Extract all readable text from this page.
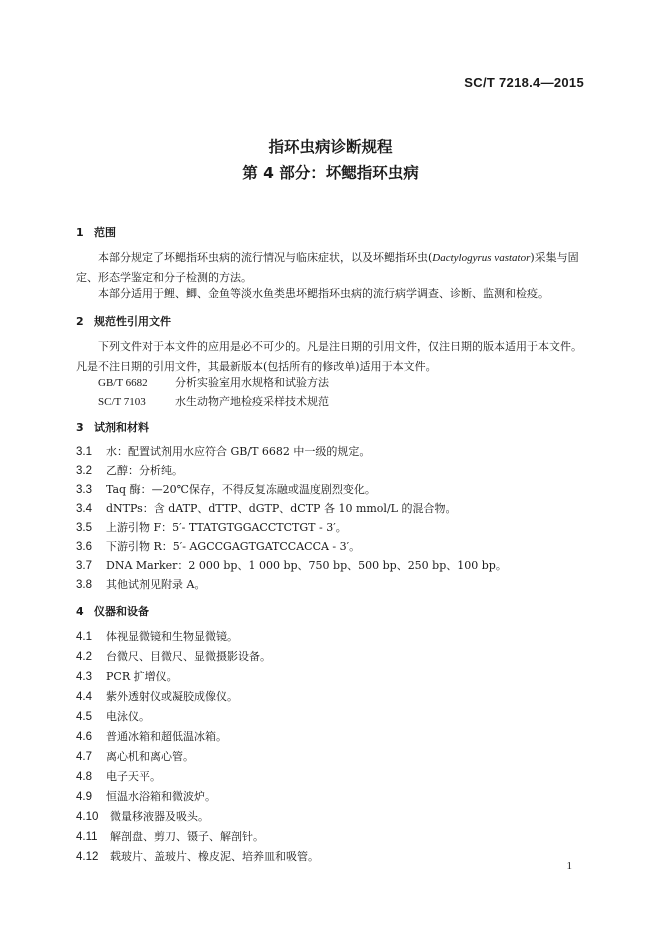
SC/T 7218.4—2015
指环虫病诊断规程
第 4 部分：坏鳃指环虫病
1 范围
本部分规定了坏鳃指环虫病的流行情况与临床症状，以及坏鳃指环虫(Dactylogyrus vastator)采集与固定、形态学鉴定和分子检测的方法。
本部分适用于鲤、鲫、金鱼等淡水鱼类患坏鳃指环虫病的流行病学调查、诊断、监测和检疫。
2 规范性引用文件
下列文件对于本文件的应用是必不可少的。凡是注日期的引用文件，仅注日期的版本适用于本文件。凡是不注日期的引用文件，其最新版本(包括所有的修改单)适用于本文件。
GB/T 6682 分析实验室用水规格和试验方法
SC/T 7103	水生动物产地检疫采样技术规范
3 试剂和材料
3.1 水：配置试剂用水应符合 GB/T 6682 中一级的规定。
3.2 乙醇：分析纯。
3.3 Taq 酶：—20℃保存，不得反复冻融或温度剧烈变化。
3.4 dNTPs：含 dATP、dTTP、dGTP、dCTP 各 10 mmol/L 的混合物。
3.5 上游引物 F：5′- TTATGTGGACCTCTGT - 3′。
3.6 下游引物 R：5′- AGCCGAGTGATCCACCA - 3′。
3.7 DNA Marker：2 000 bp、1 000 bp、750 bp、500 bp、250 bp、100 bp。
3.8 其他试剂见附录 A。
4 仪器和设备
4.1 体视显微镜和生物显微镜。
4.2 台微尺、目微尺、显微摄影设备。
4.3 PCR 扩增仪。
4.4 紫外透射仪或凝胶成像仪。
4.5 电泳仪。
4.6 普通冰箱和超低温冰箱。
4.7 离心机和离心管。
4.8 电子天平。
4.9 恒温水浴箱和微波炉。
4.10 微量移液器及吸头。
4.11 解剖盘、剪刀、镊子、解剖针。
4.12 载玻片、盖玻片、橡皮泥、培养皿和吸管。
1
